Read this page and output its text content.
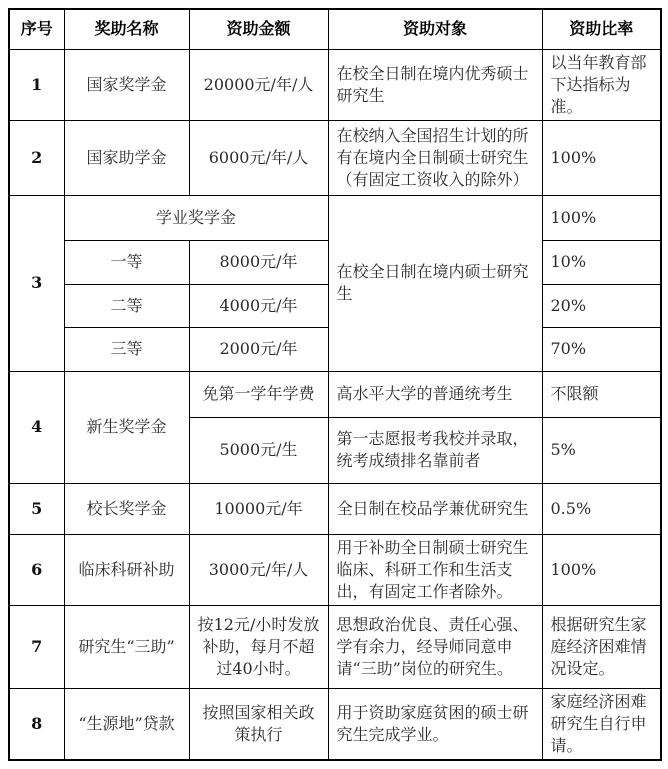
序号	奖助名称	资助金额	资助对象	资助比率
1	国家奖学金	20000元/年/人	在校全日制在境内优秀硕士研究生	以当年教育部下达指标为准。
2	国家助学金	6000元/年/人	在校纳入全国招生计划的所有在境内全日制硕士研究生（有固定工资收入的除外）	100%
3	学业奖学金		在校全日制在境内硕士研究生	100%
	一等	8000元/年		10%
	二等	4000元/年		20%
	三等	2000元/年		70%
4	新生奖学金	免第一学年学费	高水平大学的普通统考生	不限额
		5000元/生	第一志愿报考我校并录取，统考成绩排名靠前者	5%
5	校长奖学金	10000元/年	全日制在校品学兼优研究生	0.5%
6	临床科研补助	3000元/年/人	用于补助全日制硕士研究生临床、科研工作和生活支出，有固定工作者除外。	100%
7	研究生“三助”	按12元/小时发放补助，每月不超过40小时。	思想政治优良、责任心强、学有余力，经导师同意申请“三助”岗位的研究生。	根据研究生家庭经济困难情况设定。
8	“生源地”贷款	按照国家相关政策执行	用于资助家庭贫困的硕士研究生完成学业。	家庭经济困难研究生自行申请。
